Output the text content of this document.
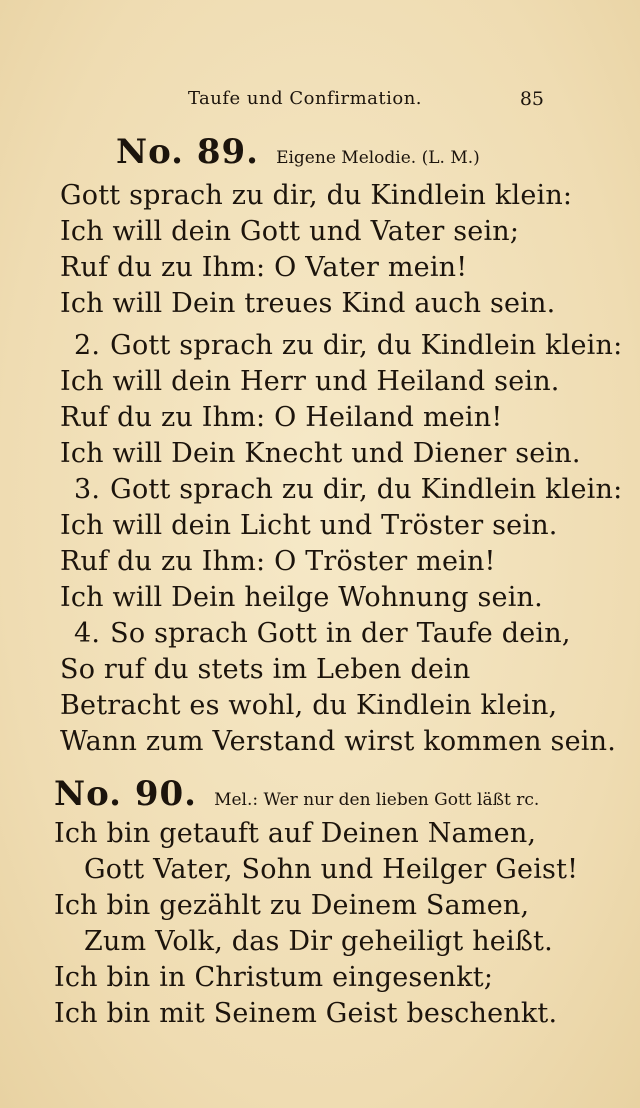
Taufe und Confirmation.	85
No. 89. Eigene Melodie. (L. M.)
Gott sprach zu dir, du Kindlein klein:
Ich will dein Gott und Vater sein;
Ruf du zu Ihm: O Vater mein!
Ich will Dein treues Kind auch sein.
2. Gott sprach zu dir, du Kindlein klein:
Ich will dein Herr und Heiland sein.
Ruf du zu Ihm: O Heiland mein!
Ich will Dein Knecht und Diener sein.
3. Gott sprach zu dir, du Kindlein klein:
Ich will dein Licht und Tröster sein.
Ruf du zu Ihm: O Tröster mein!
Ich will Dein heilge Wohnung sein.
4. So sprach Gott in der Taufe dein,
So ruf du stets im Leben dein
Betracht es wohl, du Kindlein klein,
Wann zum Verstand wirst kommen sein.
No. 90. Mel.: Wer nur den lieben Gott läßt rc.
Ich bin getauft auf Deinen Namen,
Gott Vater, Sohn und Heilger Geist!
Ich bin gezählt zu Deinem Samen,
Zum Volk, das Dir geheiligt heißt.
Ich bin in Christum eingesenkt;
Ich bin mit Seinem Geist beschenkt.
